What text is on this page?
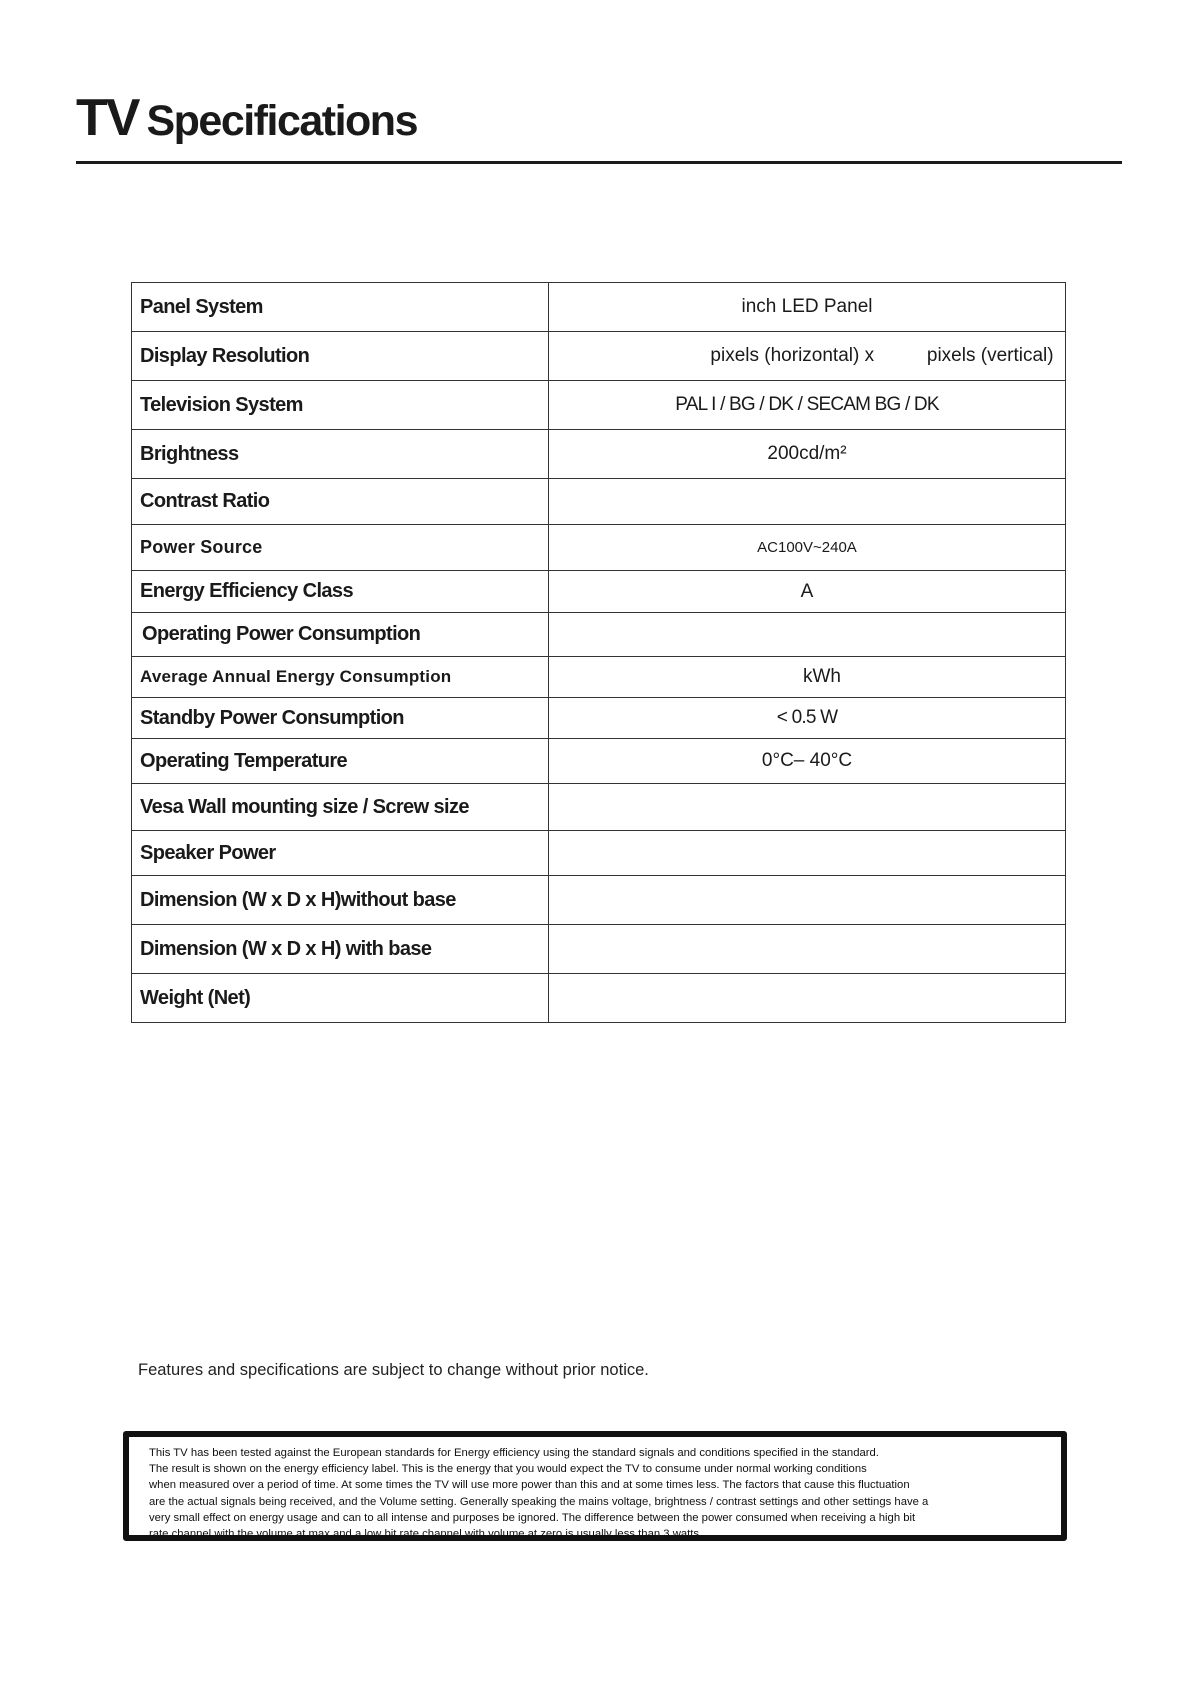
TV Specifications
Panel System	inch LED Panel
Display Resolution	pixels (horizontal) x          pixels (vertical)
Television System	PAL I / BG / DK / SECAM BG / DK
Brightness	200cd/m²
Contrast Ratio	
Power Source	AC100V~240A
Energy Efficiency Class	A
Operating Power Consumption	
Average Annual Energy Consumption	kWh
Standby Power Consumption	< 0.5 W
Operating Temperature	0°C– 40°C
Vesa Wall mounting size / Screw size	
Speaker Power	
Dimension (W x D x H)without base	
Dimension (W x D x H) with base	
Weight (Net)	
Features and specifications are subject to change without prior notice.
This TV has been tested against the European standards for Energy efficiency using the standard signals and conditions specified in the standard.
The result is shown on the energy efficiency label. This is the energy that you would expect the TV to consume under normal working conditions
when measured over a period of time. At some times the TV will use more power than this and at some times less. The factors that cause this fluctuation
are the actual signals being received, and the Volume setting. Generally speaking the mains voltage, brightness / contrast settings and other settings have a
very small effect on energy usage and can to all intense and purposes be ignored. The difference between the power consumed when receiving a high bit
rate channel with the volume at max and a low bit rate channel with volume at zero is usually less than 3 watts.
